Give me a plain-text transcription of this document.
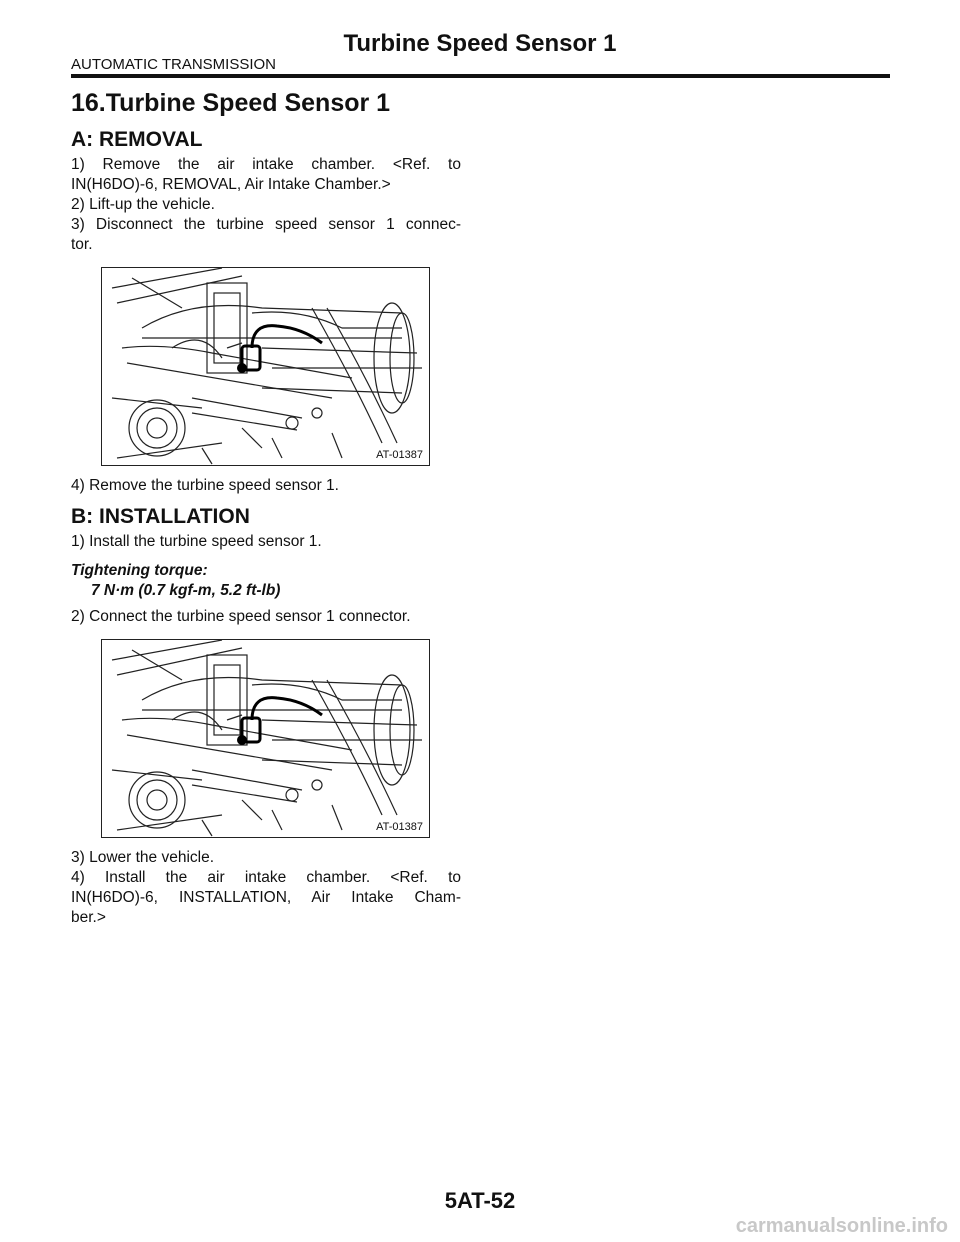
Turbine Speed Sensor 1
AUTOMATIC TRANSMISSION
16.Turbine Speed Sensor 1
A: REMOVAL

1) Remove the air intake chamber. <Ref. to

IN(H6DO)-6, REMOVAL, Air Intake Chamber.>

2) Lift-up the vehicle.

3) Disconnect the turbine speed sensor 1 connec-

tor.

AT-01387

4) Remove the turbine speed sensor 1.

B: INSTALLATION

1) Install the turbine speed sensor 1.

Tightening torque:
7 N·m (0.7 kgf-m, 5.2 ft-lb)

2) Connect the turbine speed sensor 1 connector.

AT-01387

3) Lower the vehicle.

4) Install the air intake chamber. <Ref. to

IN(H6DO)-6, INSTALLATION, Air Intake Cham-

ber.>

5AT-52
carmanualsonline.info
